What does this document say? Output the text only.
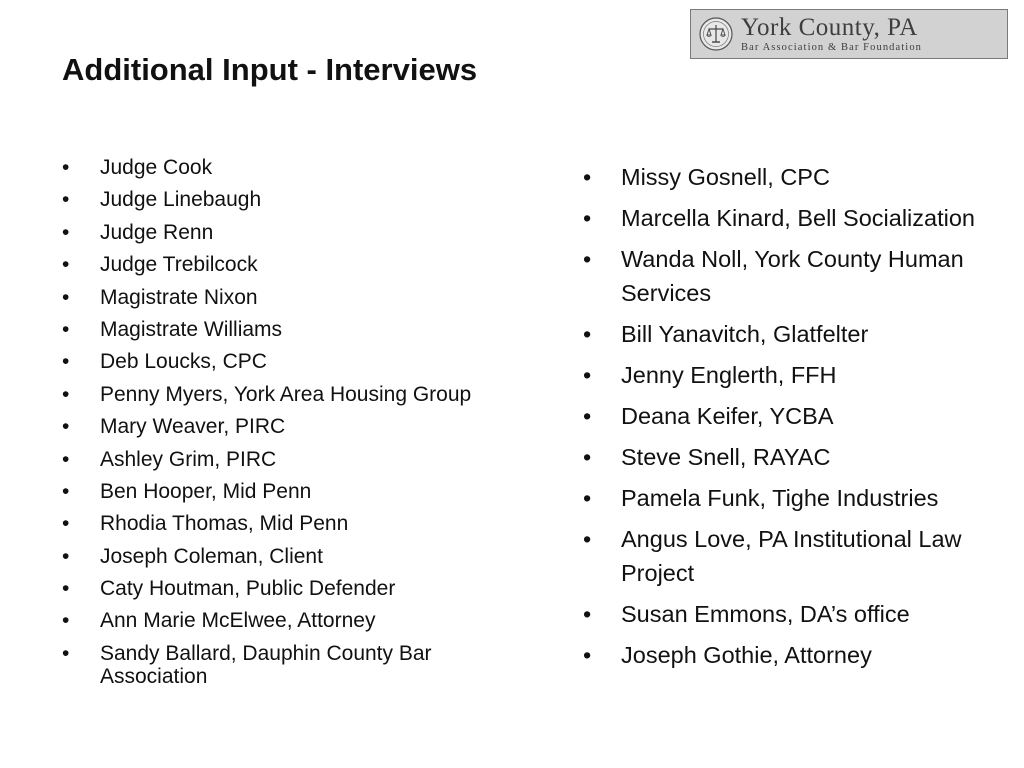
Additional Input - Interviews
York County, PA
Bar Association & Bar Foundation
• Judge Cook
• Judge Linebaugh
• Judge Renn
• Judge Trebilcock
• Magistrate Nixon
• Magistrate Williams
• Deb Loucks, CPC
• Penny Myers, York Area Housing Group
• Mary Weaver, PIRC
• Ashley Grim, PIRC
• Ben Hooper, Mid Penn
• Rhodia Thomas, Mid Penn
• Joseph Coleman, Client
• Caty Houtman, Public Defender
• Ann Marie McElwee, Attorney
• Sandy Ballard, Dauphin County Bar Association
• Missy Gosnell, CPC
• Marcella Kinard, Bell Socialization
• Wanda Noll, York County Human Services
• Bill Yanavitch, Glatfelter
• Jenny Englerth, FFH
• Deana Keifer, YCBA
• Steve Snell, RAYAC
• Pamela Funk, Tighe Industries
• Angus Love, PA Institutional Law Project
• Susan Emmons, DA’s office
• Joseph Gothie, Attorney
